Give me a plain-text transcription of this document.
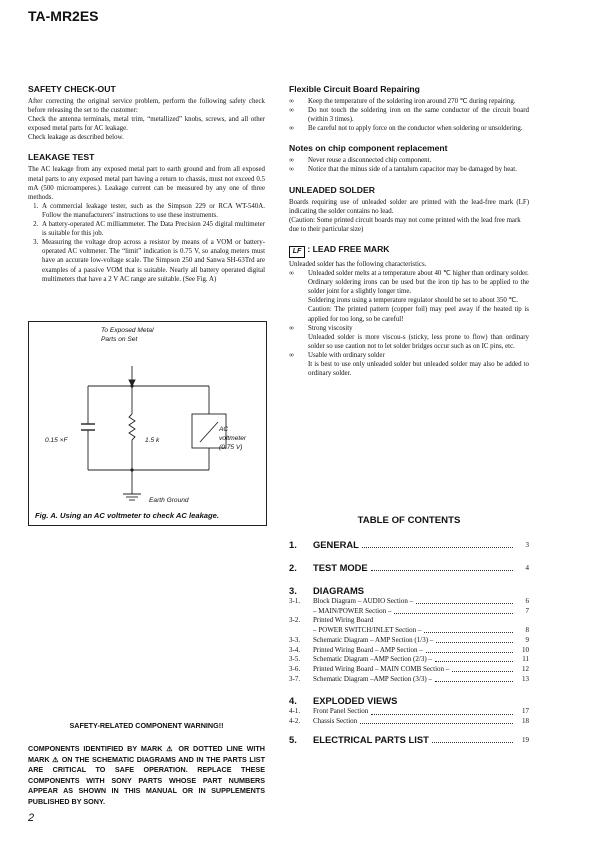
TA-MR2ES
SAFETY CHECK-OUT

After correcting the original service problem, perform the following safety check before releasing the set to the customer:

Check the antenna terminals, metal trim, “metallized” knobs, screws, and all other exposed metal parts for AC leakage.

Check leakage as described below.

LEAKAGE TEST

The AC leakage from any exposed metal part to earth ground and from all exposed metal parts to any exposed metal part having a return to chassis, must not exceed 0.5 mA (500 microamperes.). Leakage current can be measured by any one of three methods.

1. A commercial leakage tester, such as the Simpson 229 or RCA WT-540A. Follow the manufacturers’ instructions to use these instruments.
2. A battery-operated AC milliammeter. The Data Precision 245 digital multimeter is suitable for this job.
3. Measuring the voltage drop across a resistor by means of a VOM or battery-operated AC voltmeter. The “limit” indication is 0.75 V, so analog meters must have an accurate low-voltage scale. The Simpson 250 and Sanwa SH-63Trd are examples of a passive VOM that is suitable. Nearly all battery operated digital multimeters that have a 2 V AC range are suitable. (See Fig. A)
To Exposed Metal
Parts on Set
0.15 ×F	1.5 k
AC
voltmeter
(0.75 V)
Earth Ground
Fig. A. Using an AC voltmeter to check AC leakage.
Flexible Circuit Board Repairing
∞ Keep the temperature of the soldering iron around 270 ℃ during repairing.
∞ Do not touch the soldering iron on the same conductor of the circuit board (within 3 times).
∞ Be careful not to apply force on the conductor when soldering or unsoldering.
Notes on chip component replacement
∞ Never reuse a disconnected chip component.
∞ Notice that the minus side of a tantalum capacitor may be damaged by heat.
UNLEADED SOLDER

Boards requiring use of unleaded solder are printed with the lead-free mark (LF) indicating the solder contains no lead.

(Caution: Some printed circuit boards may not come printed with the lead free mark due to their particular size)

LF : LEAD FREE MARK

Unleaded solder has the following characteristics.

∞ Unleaded solder melts at a temperature about 40 ℃ higher than ordinary solder.
Ordinary soldering irons can be used but the iron tip has to be applied to the solder joint for a slightly longer time.
Soldering irons using a temperature regulator should be set to about 350 ℃.
Caution: The printed pattern (copper foil) may peel away if the heated tip is applied for too long, so be careful!
∞ Strong viscosity
Unleaded solder is more viscou-s (sticky, less prone to flow) than ordinary solder so use caution not to let solder bridges occur such as on IC pins, etc.
∞ Usable with ordinary solder
It is best to use only unleaded solder but unleaded solder may also be added to ordinary solder.
TABLE OF CONTENTS
1.	GENERAL	3
2.	TEST MODE	4
3.	DIAGRAMS
3-1.	Block Diagram – AUDIO Section –	6
– MAIN/POWER Section –	7
3-2.	Printed Wiring Board
– POWER SWITCH/INLET Section –	8
3-3.	Schematic Diagram – AMP Section (1/3) –	9
3-4.	Printed Wiring Board – AMP Section –	10
3-5.	Schematic Diagram –AMP Section (2/3) –	11
3-6.	Printed Wiring Board – MAIN COMB Section –	12
3-7.	Schematic Diagram –AMP Section (3/3) –	13
4.	EXPLODED VIEWS
4-1.	Front Panel Section	17
4-2.	Chassis Section	18
5.	ELECTRICAL PARTS LIST	19
SAFETY-RELATED COMPONENT WARNING!!
COMPONENTS IDENTIFIED BY MARK ⚠ OR DOTTED LINE WITH MARK ⚠ ON THE SCHEMATIC DIAGRAMS AND IN THE PARTS LIST ARE CRITICAL TO SAFE OPERATION. REPLACE THESE COMPONENTS WITH SONY PARTS WHOSE PART NUMBERS APPEAR AS SHOWN IN THIS MANUAL OR IN SUPPLEMENTS PUBLISHED BY SONY.
2
